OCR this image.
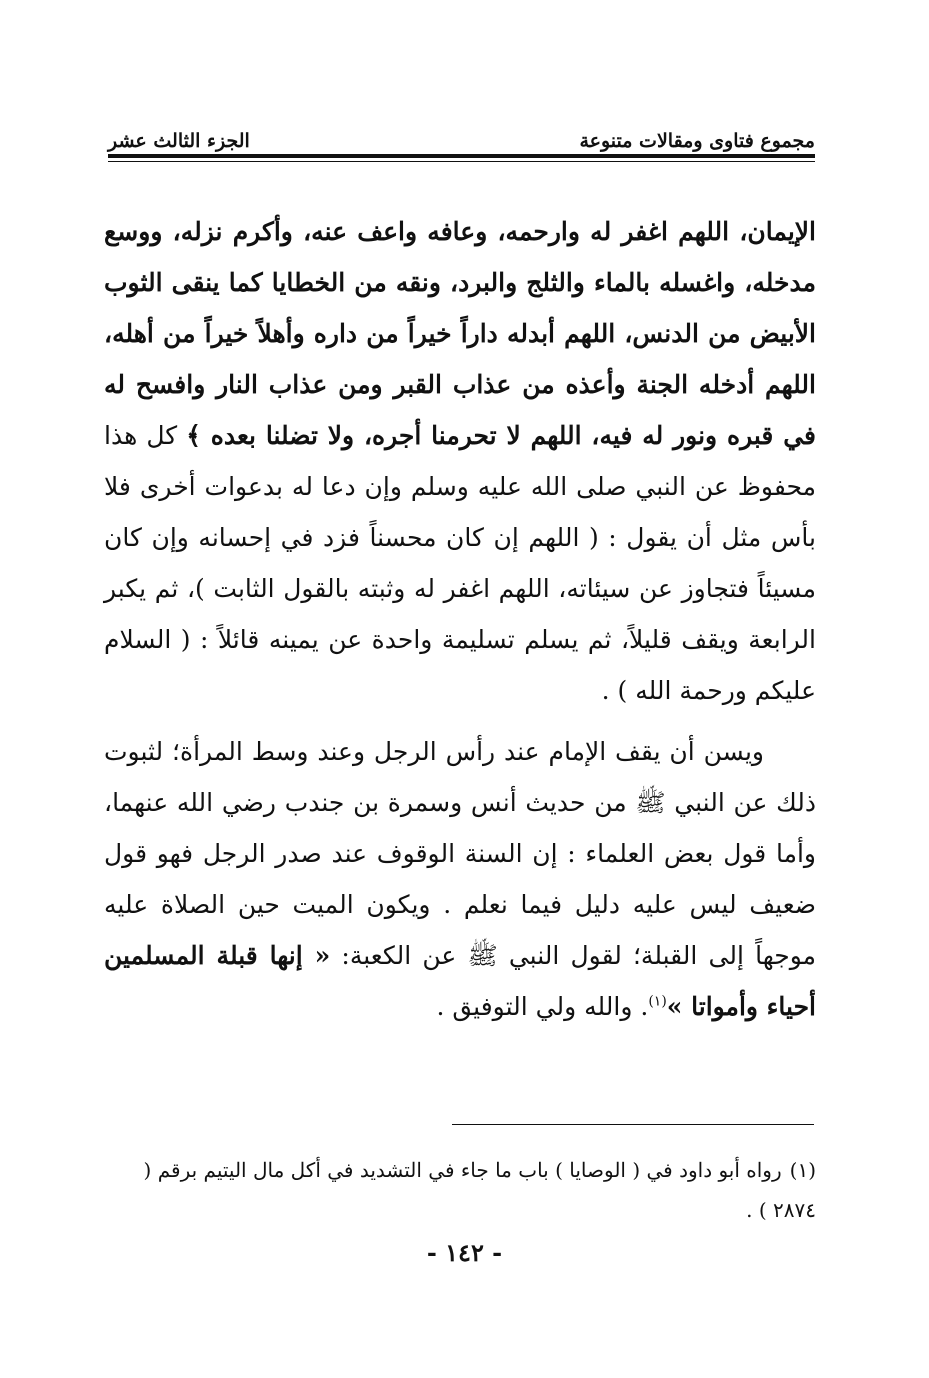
مجموع فتاوى ومقالات متنوعة
الجزء الثالث عشر

الإيمان، اللهم اغفر له وارحمه، وعافه واعف عنه، وأكرم نزله، ووسع مدخله، واغسله بالماء والثلج والبرد، ونقه من الخطايا كما ينقى الثوب الأبيض من الدنس، اللهم أبدله داراً خيراً من داره وأهلاً خيراً من أهله، اللهم أدخله الجنة وأعذه من عذاب القبر ومن عذاب النار وافسح له في قبره ونور له فيه، اللهم لا تحرمنا أجره، ولا تضلنا بعده ﴾ كل هذا محفوظ عن النبي صلى الله عليه وسلم وإن دعا له بدعوات أخرى فلا بأس مثل أن يقول : ( اللهم إن كان محسناً فزد في إحسانه وإن كان مسيئاً فتجاوز عن سيئاته، اللهم اغفر له وثبته بالقول الثابت )، ثم يكبر الرابعة ويقف قليلاً، ثم يسلم تسليمة واحدة عن يمينه قائلاً : ( السلام عليكم ورحمة الله ) .

ويسن أن يقف الإمام عند رأس الرجل وعند وسط المرأة؛ لثبوت ذلك عن النبي ﷺ من حديث أنس وسمرة بن جندب رضي الله عنهما، وأما قول بعض العلماء : إن السنة الوقوف عند صدر الرجل فهو قول ضعيف ليس عليه دليل فيما نعلم . ويكون الميت حين الصلاة عليه موجهاً إلى القبلة؛ لقول النبي ﷺ عن الكعبة: « إنها قبلة المسلمين أحياء وأمواتا »$^{(١)}$. والله ولي التوفيق .

(١)رواه أبو داود في ( الوصايا ) باب ما جاء في التشديد في أكل مال اليتيم برقم ( ٢٨٧٤ ) .
- ١٤٢ -
